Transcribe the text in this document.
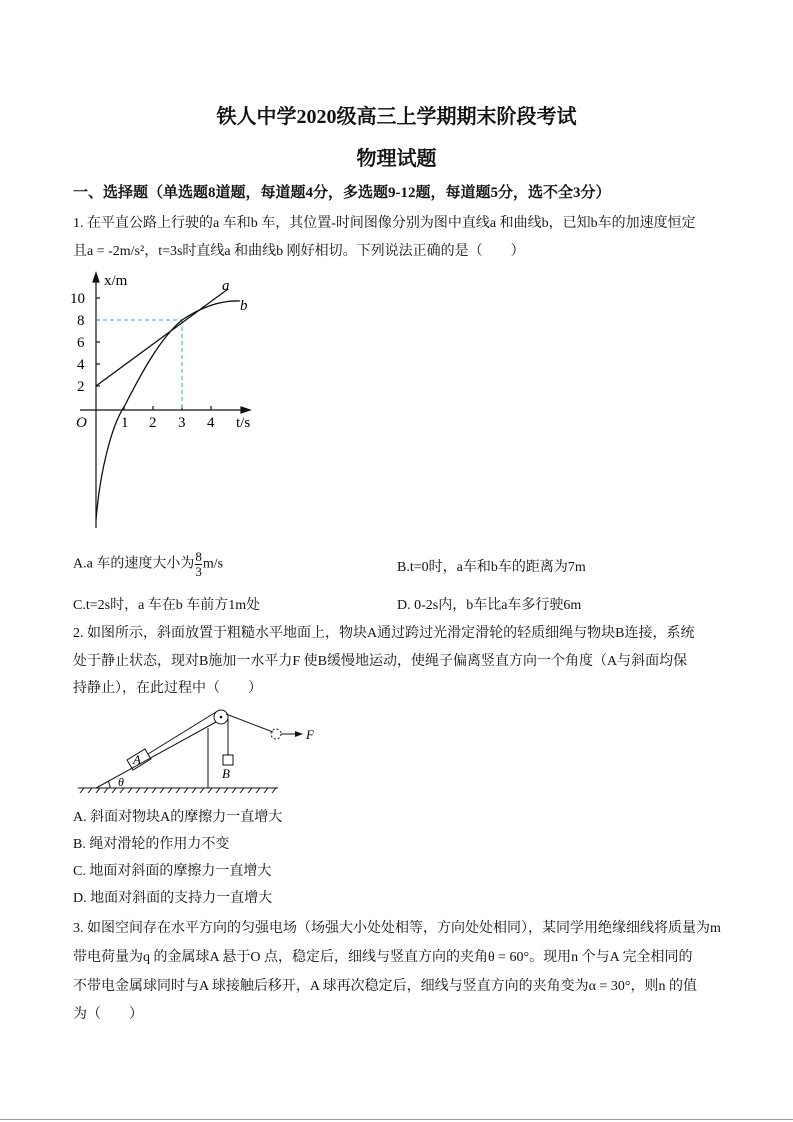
铁人中学2020级高三上学期期末阶段考试
物理试题
一、选择题（单选题8道题，每道题4分，多选题9-12题，每道题5分，选不全3分）
1. 在平直公路上行驶的a 车和b 车，其位置-时间图像分别为图中直线a 和曲线b，已知b车的加速度恒定
且a = -2m/s²，t=3s时直线a 和曲线b 刚好相切。下列说法正确的是（　　）
x/m
10
8
6
4
2
O 1 2 3 4 t/s
a
b
A.a 车的速度大小为 $\frac{8}{3} m/s$	B.t=0时，a车和b车的距离为7m
C.t=2s时，a 车在b 车前方1m处	D. 0-2s内，b车比a车多行驶6m
2. 如图所示，斜面放置于粗糙水平地面上，物块A通过跨过光滑定滑轮的轻质细绳与物块B连接，系统
处于静止状态，现对B施加一水平力F 使B缓慢地运动，使绳子偏离竖直方向一个角度（A与斜面均保
持静止），在此过程中（　　）
A
B
F
θ
A. 斜面对物块A的摩擦力一直增大
B. 绳对滑轮的作用力不变
C. 地面对斜面的摩擦力一直增大
D. 地面对斜面的支持力一直增大
3. 如图空间存在水平方向的匀强电场（场强大小处处相等，方向处处相同），某同学用绝缘细线将质量为m
带电荷量为q 的金属球A 悬于O 点，稳定后，细线与竖直方向的夹角θ = 60°。现用n 个与A 完全相同的
不带电金属球同时与A 球接触后移开，A 球再次稳定后，细线与竖直方向的夹角变为α = 30°，则n 的值
为（　　）
